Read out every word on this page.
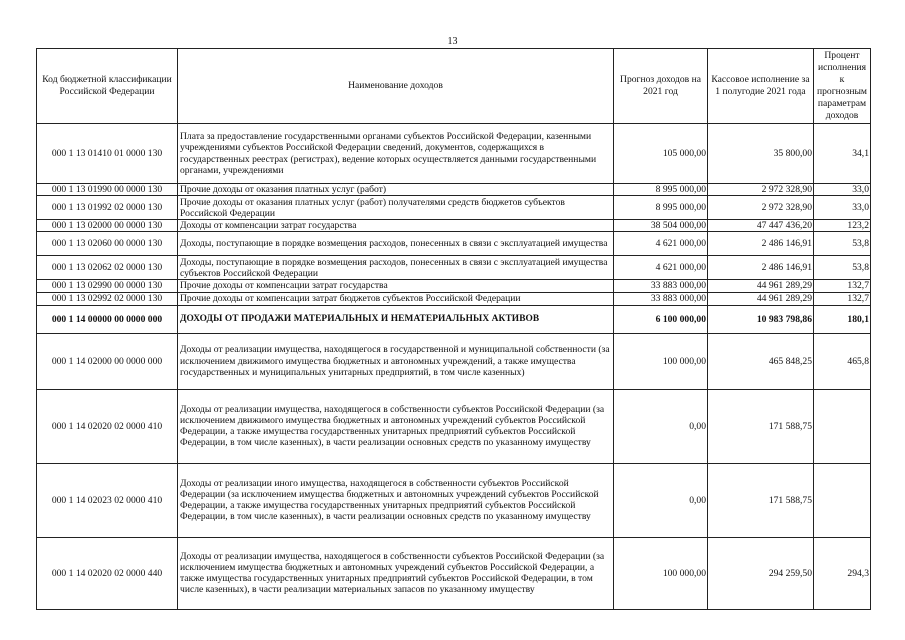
13
Код бюджетной классификации Российской Федерации	Наименование доходов	Прогноз доходов на 2021 год	Кассовое исполнение за 1 полугодие 2021 года	Процент исполнения к прогнозным параметрам доходов
000 1 13 01410 01 0000 130	Плата за предоставление государственными органами субъектов Российской Федерации, казенными учреждениями субъектов Российской Федерации сведений, документов, содержащихся в государственных реестрах (регистрах), ведение которых осуществляется данными государственными органами, учреждениями	105 000,00	35 800,00	34,1
000 1 13 01990 00 0000 130	Прочие доходы от оказания платных услуг (работ)	8 995 000,00	2 972 328,90	33,0
000 1 13 01992 02 0000 130	Прочие доходы от оказания платных услуг (работ) получателями средств бюджетов субъектов Российской Федерации	8 995 000,00	2 972 328,90	33,0
000 1 13 02000 00 0000 130	Доходы от компенсации затрат государства	38 504 000,00	47 447 436,20	123,2
000 1 13 02060 00 0000 130	Доходы, поступающие в порядке возмещения расходов, понесенных в связи с эксплуатацией имущества	4 621 000,00	2 486 146,91	53,8
000 1 13 02062 02 0000 130	Доходы, поступающие в порядке возмещения расходов, понесенных в связи с эксплуатацией имущества субъектов Российской Федерации	4 621 000,00	2 486 146,91	53,8
000 1 13 02990 00 0000 130	Прочие доходы от компенсации затрат государства	33 883 000,00	44 961 289,29	132,7
000 1 13 02992 02 0000 130	Прочие доходы от компенсации затрат бюджетов субъектов Российской Федерации	33 883 000,00	44 961 289,29	132,7
000 1 14 00000 00 0000 000	ДОХОДЫ ОТ ПРОДАЖИ МАТЕРИАЛЬНЫХ И НЕМАТЕРИАЛЬНЫХ АКТИВОВ	6 100 000,00	10 983 798,86	180,1
000 1 14 02000 00 0000 000	Доходы от реализации имущества, находящегося в государственной и муниципальной собственности (за исключением движимого имущества бюджетных и автономных учреждений, а также имущества государственных и муниципальных унитарных предприятий, в том числе казенных)	100 000,00	465 848,25	465,8
000 1 14 02020 02 0000 410	Доходы от реализации имущества, находящегося в собственности субъектов Российской Федерации (за исключением движимого имущества бюджетных и автономных учреждений субъектов Российской Федерации, а также имущества государственных унитарных предприятий субъектов Российской Федерации, в том числе казенных), в части реализации основных средств по указанному имуществу	0,00	171 588,75	
000 1 14 02023 02 0000 410	Доходы от реализации иного имущества, находящегося в собственности субъектов Российской Федерации (за исключением имущества бюджетных и автономных учреждений субъектов Российской Федерации, а также имущества государственных унитарных предприятий субъектов Российской Федерации, в том числе казенных), в части реализации основных средств по указанному имуществу	0,00	171 588,75	
000 1 14 02020 02 0000 440	Доходы от реализации имущества, находящегося в собственности субъектов Российской Федерации (за исключением имущества бюджетных и автономных учреждений субъектов Российской Федерации, а также имущества государственных унитарных предприятий субъектов Российской Федерации, в том числе казенных), в части реализации материальных запасов по указанному имуществу	100 000,00	294 259,50	294,3
